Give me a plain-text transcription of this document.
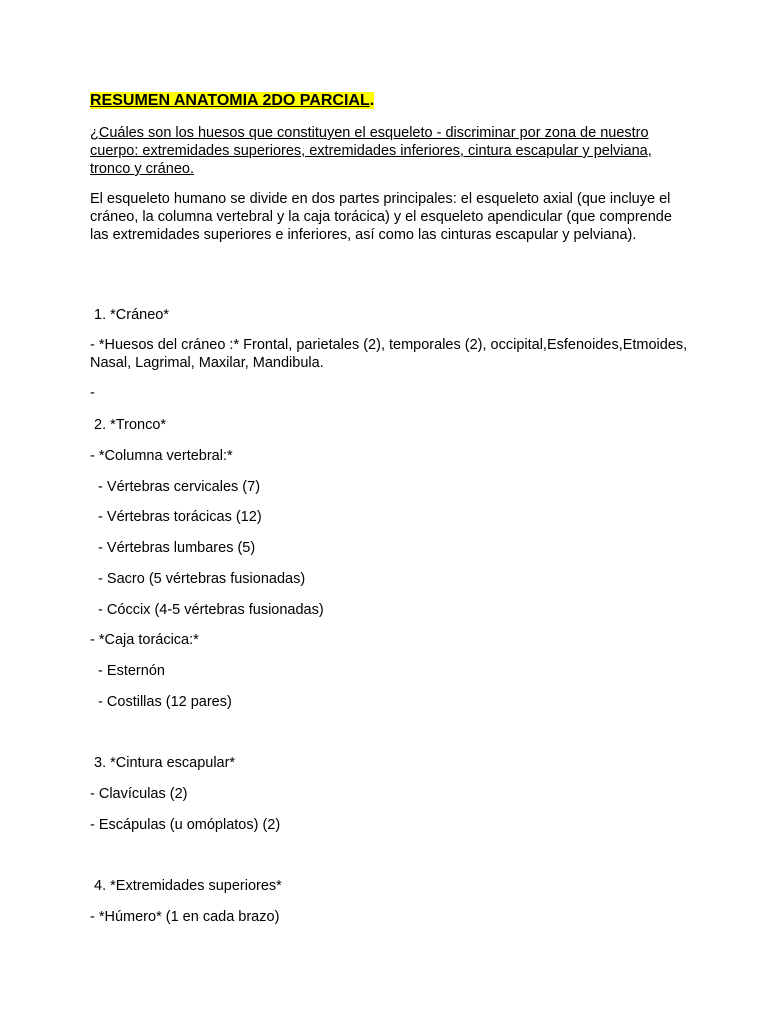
RESUMEN ANATOMIA 2DO PARCIAL.
¿Cuáles son los huesos que constituyen el esqueleto - discriminar por zona de nuestro cuerpo: extremidades superiores, extremidades inferiores, cintura escapular y pelviana, tronco y cráneo.
El esqueleto humano se divide en dos partes principales: el esqueleto axial (que incluye el cráneo, la columna vertebral y la caja torácica) y el esqueleto apendicular (que comprende las extremidades superiores e inferiores, así como las cinturas escapular y pelviana).
1. *Cráneo*
- *Huesos del cráneo :* Frontal, parietales (2), temporales (2), occipital,Esfenoides,Etmoides, Nasal, Lagrimal, Maxilar, Mandibula.
-
2. *Tronco*
- *Columna vertebral:*
- Vértebras cervicales (7)
- Vértebras torácicas (12)
- Vértebras lumbares (5)
- Sacro (5 vértebras fusionadas)
- Cóccix (4-5 vértebras fusionadas)
- *Caja torácica:*
- Esternón
- Costillas (12 pares)
3. *Cintura escapular*
- Clavículas (2)
- Escápulas (u omóplatos) (2)
4. *Extremidades superiores*
- *Húmero* (1 en cada brazo)
